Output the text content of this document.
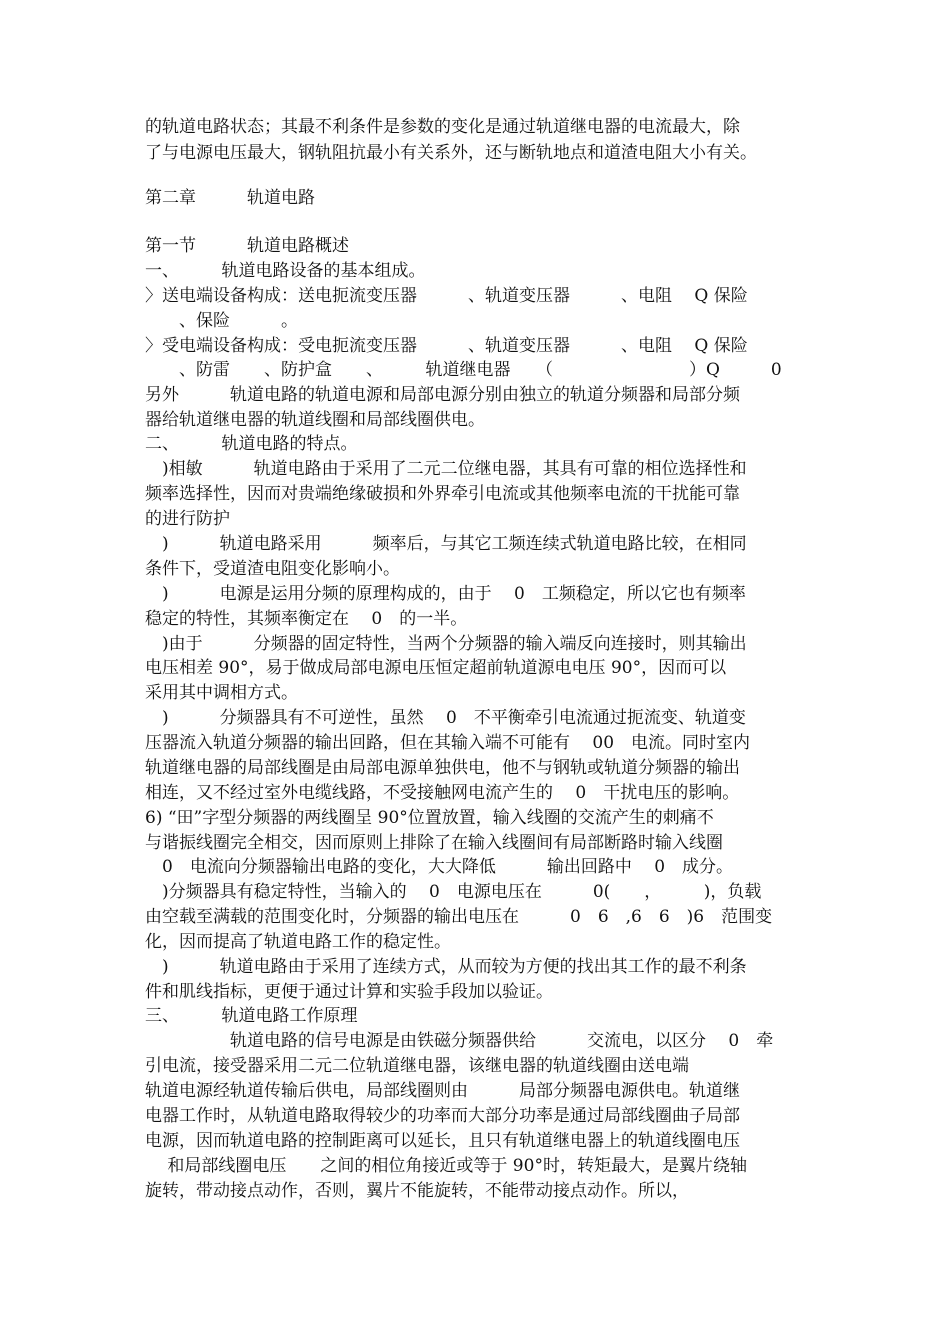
的轨道电路状态；其最不利条件是参数的变化是通过轨道继电器的电流最大，除
了与电源电压最大，钢轨阻抗最小有关系外，还与断轨地点和道渣电阻大小有关。
第二章　　　轨道电路
第一节　　　轨道电路概述
一、　　　轨道电路设备的基本组成。
〉送电端设备构成：送电扼流变压器　　　、轨道变压器　　　、电阻　 Q 保险
　　、保险　　　。
〉受电端设备构成：受电扼流变压器　　　、轨道变压器　　　、电阻　 Q 保险
　　、防雷　　、防护盒　　、　　　轨道继电器　　（　　　　　　　　）Q　　　0
另外　　　轨道电路的轨道电源和局部电源分别由独立的轨道分频器和局部分频
器给轨道继电器的轨道线圈和局部线圈供电。
二、　　　轨道电路的特点。
　)相敏　　　轨道电路由于采用了二元二位继电器，其具有可靠的相位选择性和
频率选择性，因而对贵端绝缘破损和外界牵引电流或其他频率电流的干扰能可靠
的进行防护
　)　　　轨道电路采用　　　频率后，与其它工频连续式轨道电路比较，在相同
条件下，受道渣电阻变化影响小。
　)　　　电源是运用分频的原理构成的，由于　 0　工频稳定，所以它也有频率
稳定的特性，其频率衡定在　 0　的一半。
　)由于　　　分频器的固定特性，当两个分频器的输入端反向连接时，则其输出
电压相差 90°，易于做成局部电源电压恒定超前轨道源电电压 90°，因而可以
采用其中调相方式。
　)　　　分频器具有不可逆性，虽然　 0　不平衡牵引电流通过扼流变、轨道变
压器流入轨道分频器的输出回路，但在其输入端不可能有　 00　电流。同时室内
轨道继电器的局部线圈是由局部电源单独供电，他不与钢轨或轨道分频器的输出
相连，又不经过室外电缆线路，不受接触网电流产生的　 0　干扰电压的影响。
6) “田”字型分频器的两线圈呈 90°位置放置，输入线圈的交流产生的刺痛不
与谐振线圈完全相交，因而原则上排除了在输入线圈间有局部断路时输入线圈
　0　电流向分频器输出电路的变化，大大降低　　　输出回路中　 0　成分。
　)分频器具有稳定特性，当输入的　 0　电源电压在　　　0(　　，　　　)，负载
由空载至满载的范围变化时，分频器的输出电压在　　　0　6　,6　6　)6　范围变
化，因而提高了轨道电路工作的稳定性。
　)　　　轨道电路由于采用了连续方式，从而较为方便的找出其工作的最不利条
件和肌线指标，更便于通过计算和实验手段加以验证。
三、　　　轨道电路工作原理
　　　　　轨道电路的信号电源是由铁磁分频器供给　　　交流电，以区分　 0　牵
引电流，接受器采用二元二位轨道继电器，该继电器的轨道线圈由送电端
轨道电源经轨道传输后供电，局部线圈则由　　　局部分频器电源供电。轨道继
电器工作时，从轨道电路取得较少的功率而大部分功率是通过局部线圈曲子局部
电源，因而轨道电路的控制距离可以延长，且只有轨道继电器上的轨道线圈电压
　 和局部线圈电压　　之间的相位角接近或等于 90°时，转矩最大，是翼片绕轴
旋转，带动接点动作，否则，翼片不能旋转，不能带动接点动作。所以，
